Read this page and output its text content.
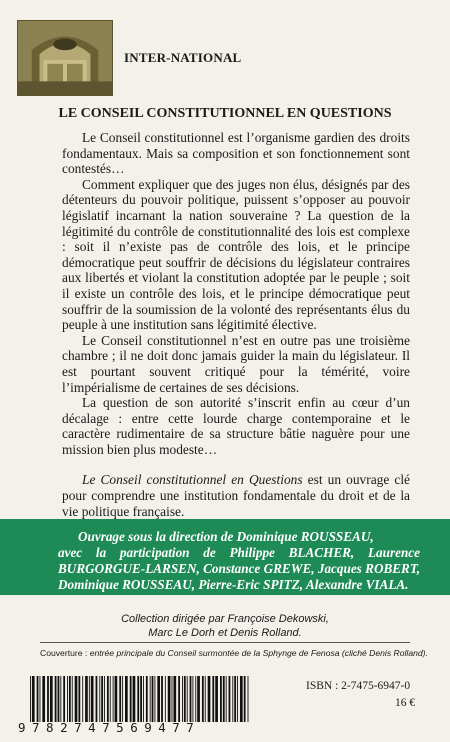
INTER-NATIONAL
LE CONSEIL CONSTITUTIONNEL EN QUESTIONS

Le Conseil constitutionnel est l’organisme gardien des droits fondamentaux. Mais sa composition et son fonctionnement sont contestés…

Comment expliquer que des juges non élus, désignés par des détenteurs du pouvoir politique, puissent s’opposer au pouvoir législatif incarnant la nation souveraine ? La question de la légitimité du contrôle de constitutionnalité des lois est complexe : soit il n’existe pas de contrôle des lois, et le principe démocratique peut souffrir de décisions du législateur contraires aux libertés et violant la constitution adoptée par le peuple ; soit il existe un contrôle des lois, et le principe démocratique peut souffrir de la soumission de la volonté des représentants élus du peuple à une institution sans légitimité élective.

Le Conseil constitutionnel n’est en outre pas une troisième chambre ; il ne doit donc jamais guider la main du législateur. Il est pourtant souvent critiqué pour la témérité, voire l’impérialisme de certaines de ses décisions.

La question de son autorité s’inscrit enfin au cœur d’un décalage : entre cette lourde charge contemporaine et le caractère rudimentaire de sa structure bâtie naguère pour une mission bien plus modeste…

Le Conseil constitutionnel en Questions est un ouvrage clé pour comprendre une institution fondamentale du droit et de la vie politique française.

Ouvrage sous la direction de Dominique ROUSSEAU,
avec la participation de Philippe BLACHER, Laurence BURGORGUE-LARSEN, Constance GREWE, Jacques ROBERT, Dominique ROUSSEAU, Pierre-Eric SPITZ, Alexandre VIALA.
Collection dirigée par Françoise Dekowski,
Marc Le Dorh et Denis Rolland.
Couverture : entrée principale du Conseil surmontée de la Sphynge de Fenosa (cliché Denis Rolland).
9782747569477
ISBN : 2-7475-6947-0
16 €
